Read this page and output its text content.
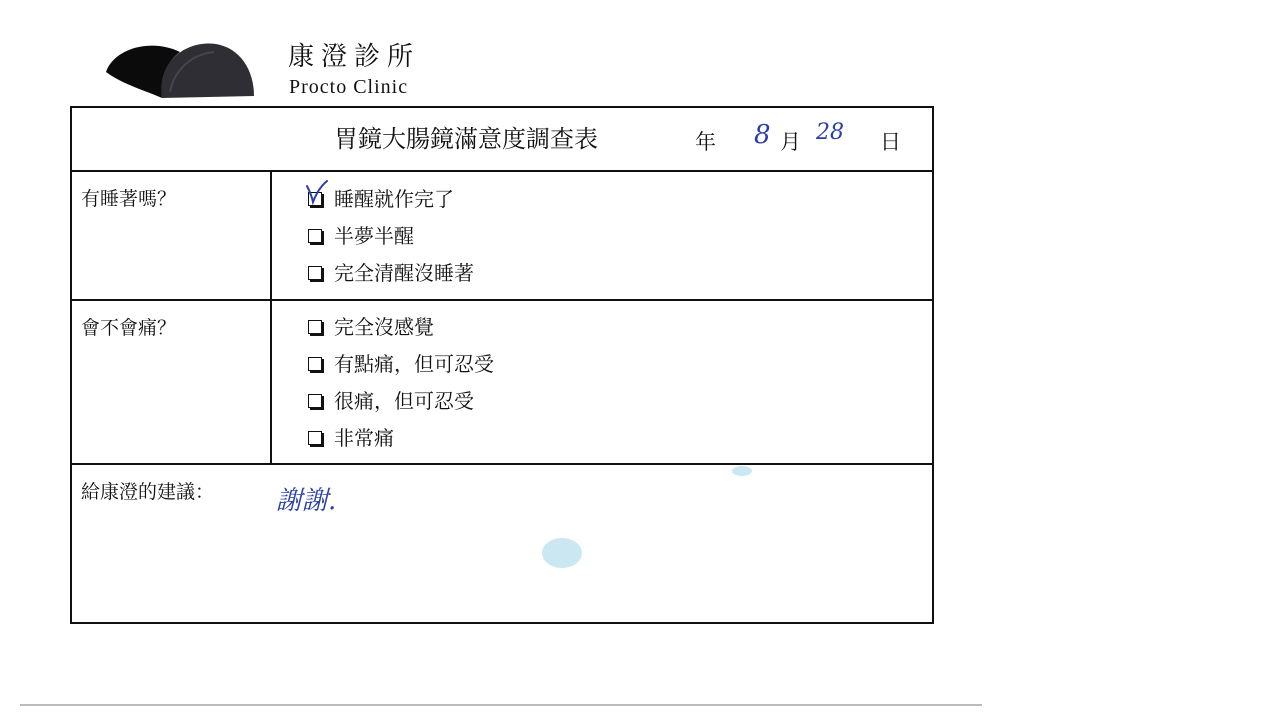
康澄診所
Procto Clinic
胃鏡大腸鏡滿意度調查表	年 8 月 28 日
有睡著嗎？	睡醒就作完了
半夢半醒
完全清醒沒睡著
會不會痛？	完全沒感覺
有點痛，但可忍受
很痛，但可忍受
非常痛
給康澄的建議： 謝謝.
